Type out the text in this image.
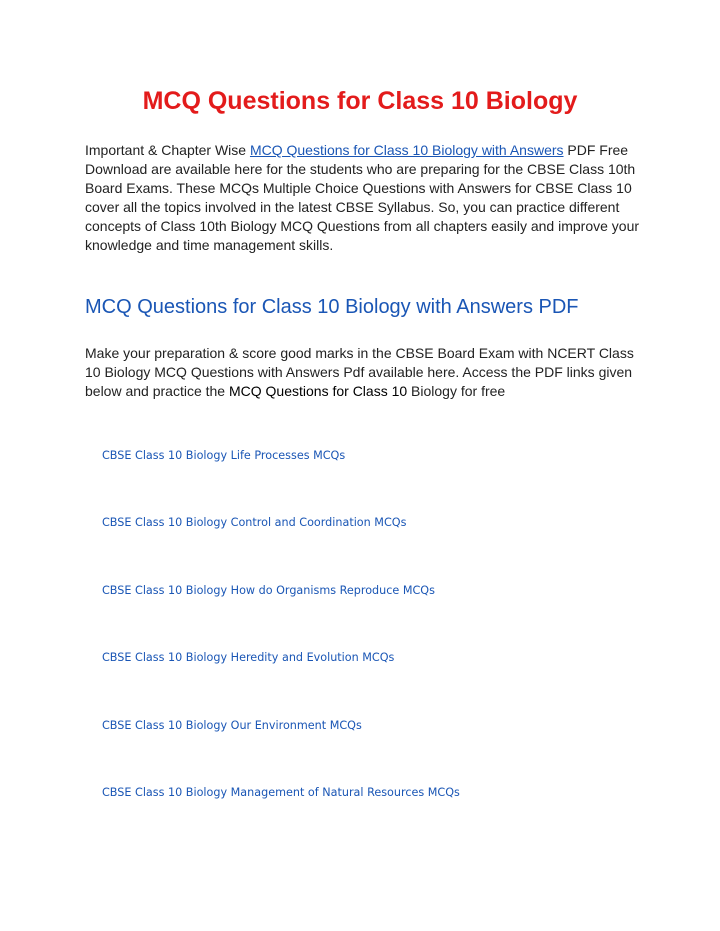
MCQ Questions for Class 10 Biology

Important & Chapter Wise MCQ Questions for Class 10 Biology with Answers PDF Free Download are available here for the students who are preparing for the CBSE Class 10th Board Exams. These MCQs Multiple Choice Questions with Answers for CBSE Class 10 cover all the topics involved in the latest CBSE Syllabus. So, you can practice different concepts of Class 10th Biology MCQ Questions from all chapters easily and improve your knowledge and time management skills.

MCQ Questions for Class 10 Biology with Answers PDF

Make your preparation & score good marks in the CBSE Board Exam with NCERT Class 10 Biology MCQ Questions with Answers Pdf available here. Access the PDF links given below and practice the MCQ Questions for Class 10 Biology for free

CBSE Class 10 Biology Life Processes MCQs
CBSE Class 10 Biology Control and Coordination MCQs
CBSE Class 10 Biology How do Organisms Reproduce MCQs
CBSE Class 10 Biology Heredity and Evolution MCQs
CBSE Class 10 Biology Our Environment MCQs
CBSE Class 10 Biology Management of Natural Resources MCQs
